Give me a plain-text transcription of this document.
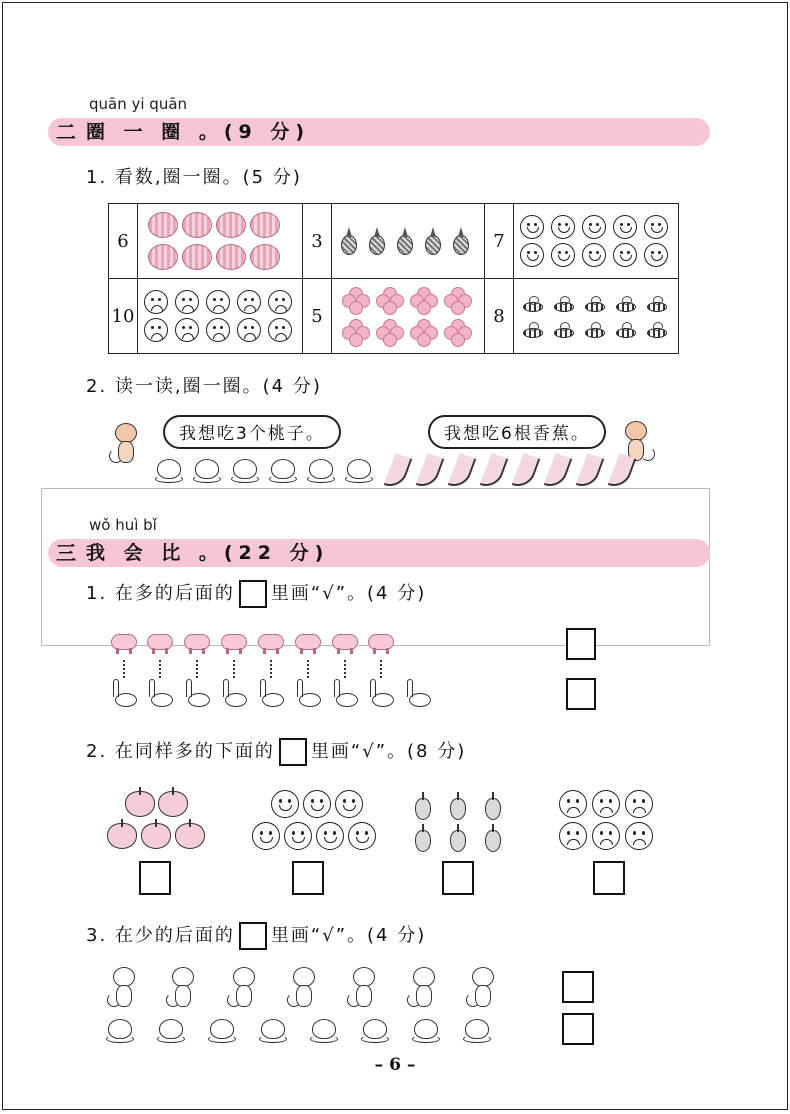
quān yi quān
二 圈 一 圈 。(9 分)
1. 看数,圈一圈。(5 分)
6		3		7	

10		5		8	
2. 读一读,圈一圈。(4 分)
我想吃3个桃子。	我想吃6根香蕉。
wǒ huì bǐ
三 我 会 比 。(22 分)
1. 在多的后面的 里画“√”。(4 分)
2. 在同样多的下面的 里画“√”。(8 分)
3. 在少的后面的 里画“√”。(4 分)
– 6 –
